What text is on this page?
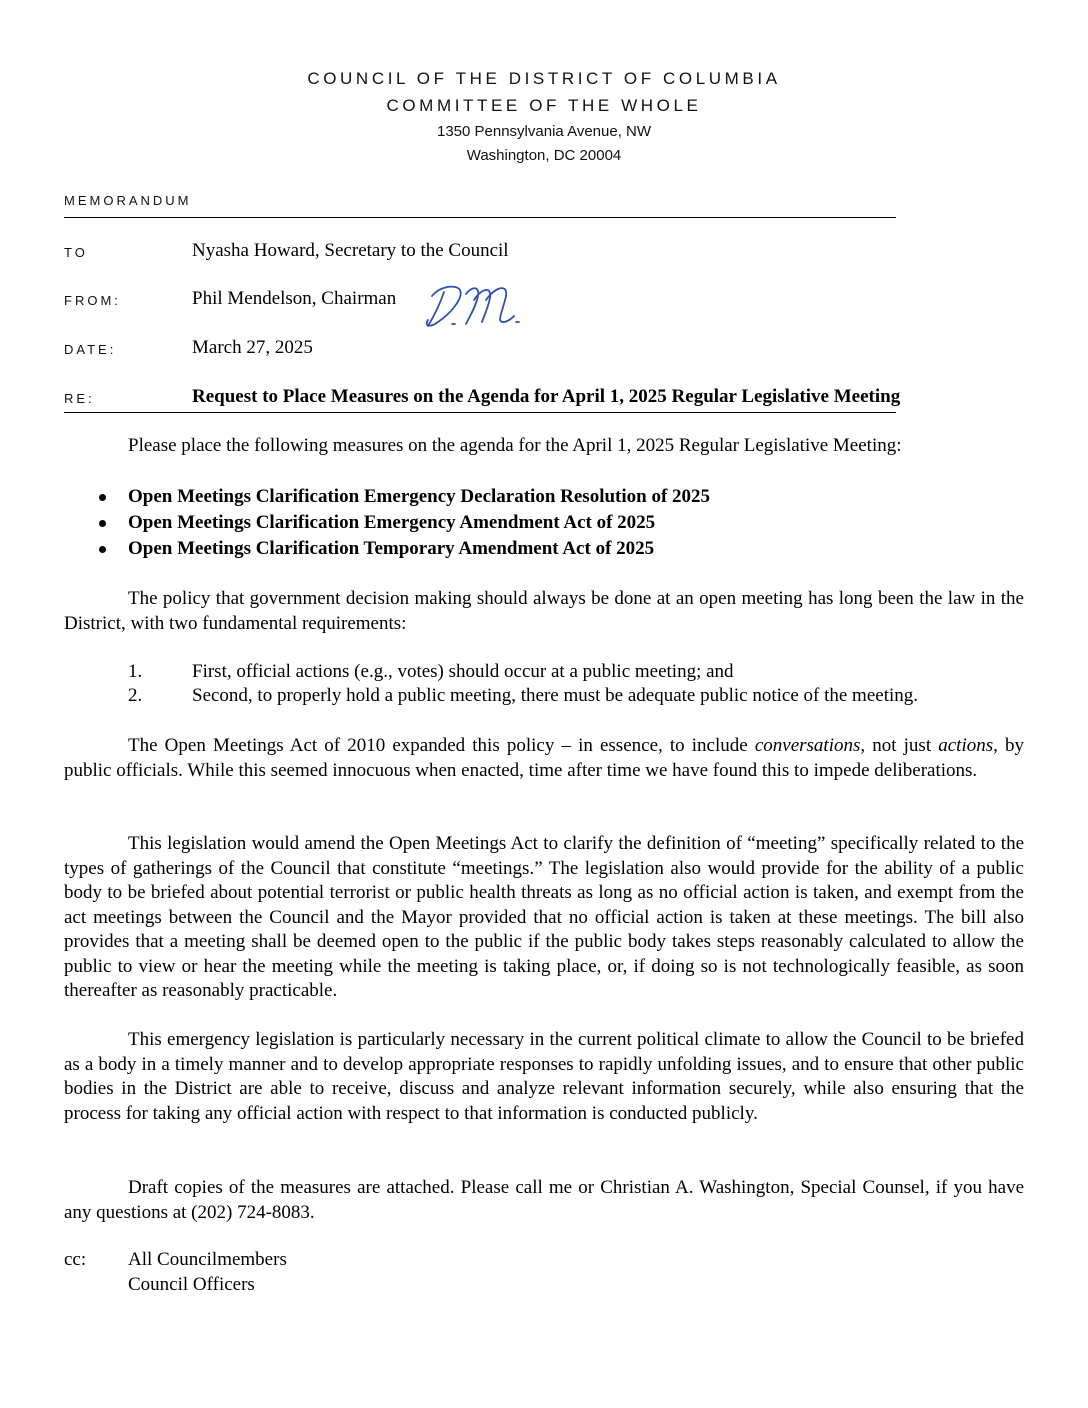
COUNCIL OF THE DISTRICT OF COLUMBIA
COMMITTEE OF THE WHOLE
1350 Pennsylvania Avenue, NW
Washington, DC 20004
MEMORANDUM
TO	Nyasha Howard, Secretary to the Council
FROM:	Phil Mendelson, Chairman
DATE:	March 27, 2025
RE:	Request to Place Measures on the Agenda for April 1, 2025 Regular Legislative Meeting
Please place the following measures on the agenda for the April 1, 2025 Regular Legislative Meeting:
Open Meetings Clarification Emergency Declaration Resolution of 2025
Open Meetings Clarification Emergency Amendment Act of 2025
Open Meetings Clarification Temporary Amendment Act of 2025
The policy that government decision making should always be done at an open meeting has long been the law in the District, with two fundamental requirements:
1.	First, official actions (e.g., votes) should occur at a public meeting; and
2.	Second, to properly hold a public meeting, there must be adequate public notice of the meeting.
The Open Meetings Act of 2010 expanded this policy – in essence, to include conversations, not just actions, by public officials. While this seemed innocuous when enacted, time after time we have found this to impede deliberations.
This legislation would amend the Open Meetings Act to clarify the definition of “meeting” specifically related to the types of gatherings of the Council that constitute “meetings.” The legislation also would provide for the ability of a public body to be briefed about potential terrorist or public health threats as long as no official action is taken, and exempt from the act meetings between the Council and the Mayor provided that no official action is taken at these meetings. The bill also provides that a meeting shall be deemed open to the public if the public body takes steps reasonably calculated to allow the public to view or hear the meeting while the meeting is taking place, or, if doing so is not technologically feasible, as soon thereafter as reasonably practicable.
This emergency legislation is particularly necessary in the current political climate to allow the Council to be briefed as a body in a timely manner and to develop appropriate responses to rapidly unfolding issues, and to ensure that other public bodies in the District are able to receive, discuss and analyze relevant information securely, while also ensuring that the process for taking any official action with respect to that information is conducted publicly.
Draft copies of the measures are attached. Please call me or Christian A. Washington, Special Counsel, if you have any questions at (202) 724-8083.
cc: All Councilmembers
Council Officers
